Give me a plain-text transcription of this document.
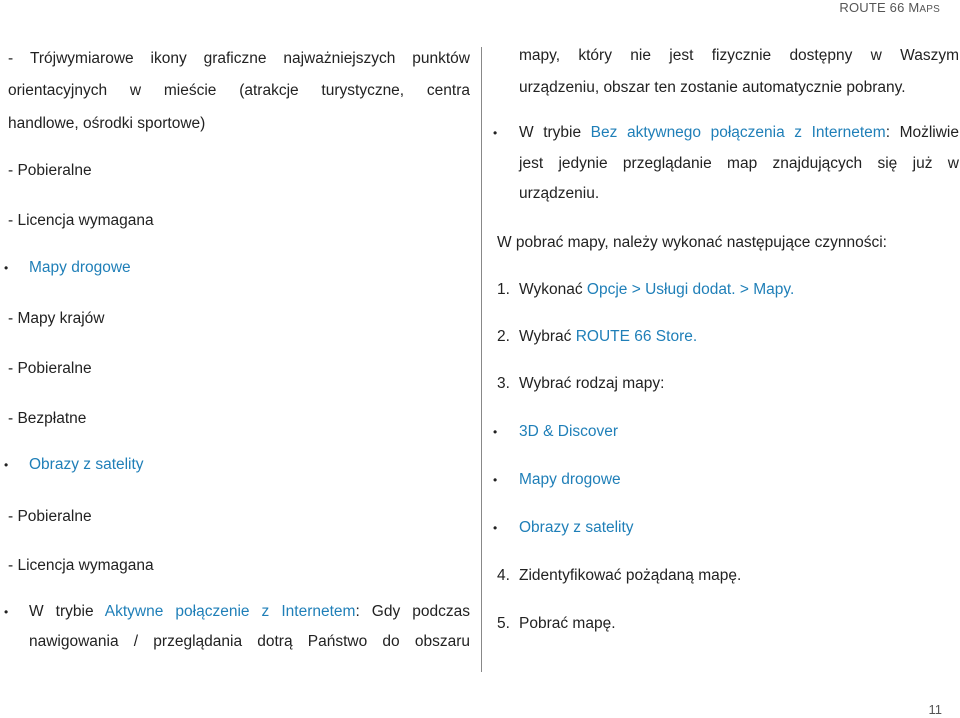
ROUTE 66 MAPS
- Trójwymiarowe ikony graficzne najważniejszych punktów
orientacyjnych w mieście (atrakcje turystyczne, centra
handlowe, ośrodki sportowe)
- Pobieralne
- Licencja wymagana
• Mapy drogowe
- Mapy krajów
- Pobieralne
- Bezpłatne
• Obrazy z satelity
- Pobieralne
- Licencja wymagana
• W trybie Aktywne połączenie z Internetem: Gdy podczas
nawigowania / przeglądania dotrą Państwo do obszaru
mapy, który nie jest fizycznie dostępny w Waszym
urządzeniu, obszar ten zostanie automatycznie pobrany.
• W trybie Bez aktywnego połączenia z Internetem: Możliwie
jest jedynie przeglądanie map znajdujących się już w
urządzeniu.
W pobrać mapy, należy wykonać następujące czynności:
1. Wykonać Opcje > Usługi dodat. > Mapy.
2. Wybrać ROUTE 66 Store.
3. Wybrać rodzaj mapy:
• 3D & Discover
• Mapy drogowe
• Obrazy z satelity
4. Zidentyfikować pożądaną mapę.
5. Pobrać mapę.
11
